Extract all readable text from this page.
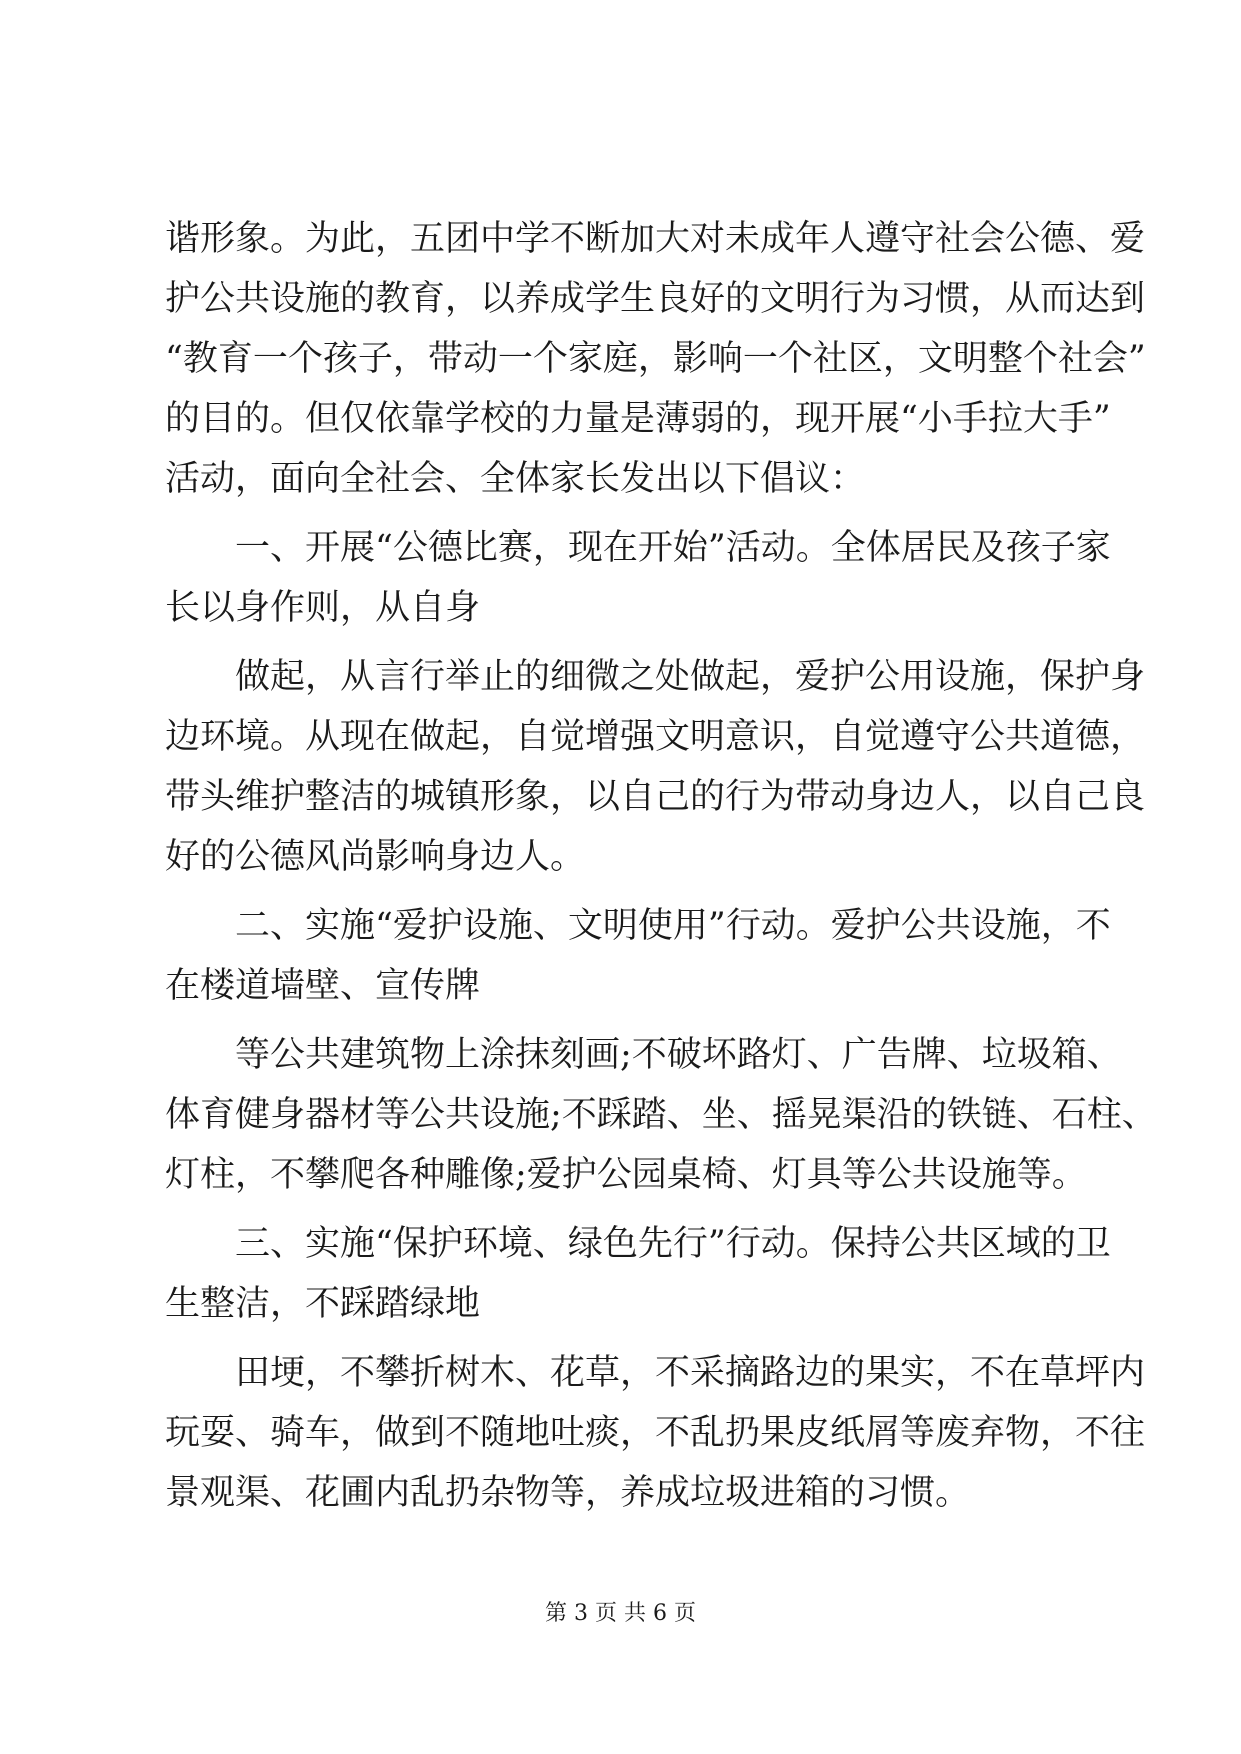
谐形象。为此，五团中学不断加大对未成年人遵守社会公德、爱
护公共设施的教育，以养成学生良好的文明行为习惯，从而达到
“教育一个孩子，带动一个家庭，影响一个社区，文明整个社会”
的目的。但仅依靠学校的力量是薄弱的，现开展“小手拉大手”
活动，面向全社会、全体家长发出以下倡议：
一、开展“公德比赛，现在开始”活动。全体居民及孩子家
长以身作则，从自身
做起，从言行举止的细微之处做起，爱护公用设施，保护身
边环境。从现在做起，自觉增强文明意识，自觉遵守公共道德，
带头维护整洁的城镇形象，以自己的行为带动身边人，以自己良
好的公德风尚影响身边人。
二、实施“爱护设施、文明使用”行动。爱护公共设施，不
在楼道墙壁、宣传牌
等公共建筑物上涂抹刻画;不破坏路灯、广告牌、垃圾箱、
体育健身器材等公共设施;不踩踏、坐、摇晃渠沿的铁链、石柱、
灯柱，不攀爬各种雕像;爱护公园桌椅、灯具等公共设施等。
三、实施“保护环境、绿色先行”行动。保持公共区域的卫
生整洁，不踩踏绿地
田埂，不攀折树木、花草，不采摘路边的果实，不在草坪内
玩耍、骑车，做到不随地吐痰，不乱扔果皮纸屑等废弃物，不往
景观渠、花圃内乱扔杂物等，养成垃圾进箱的习惯。
第 3 页 共 6 页
